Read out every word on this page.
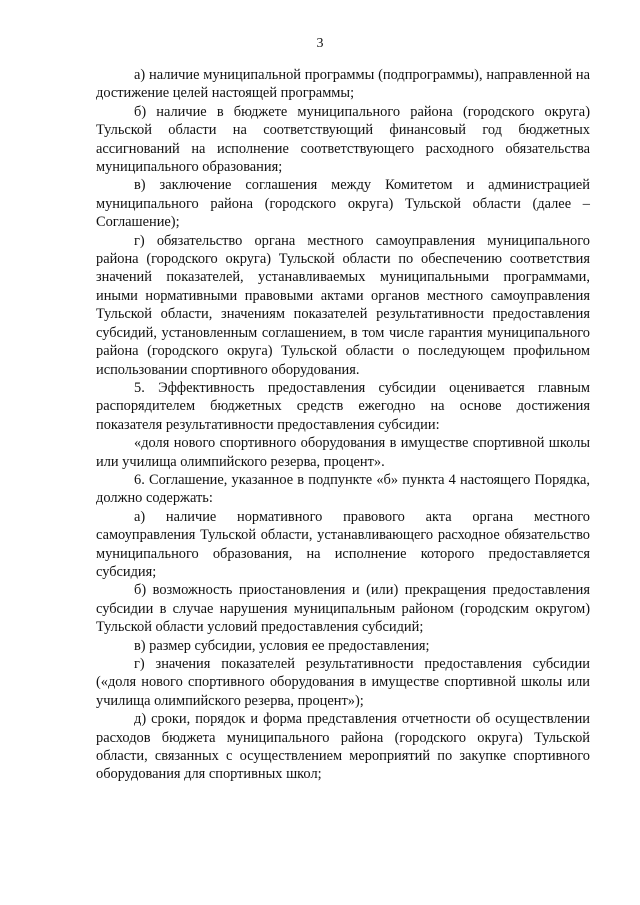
3

а) наличие муниципальной программы (подпрограммы), направленной на достижение целей настоящей программы;

б) наличие в бюджете муниципального района (городского округа) Тульской области на соответствующий финансовый год бюджетных ассигнований на исполнение соответствующего расходного обязательства муниципального образования;

в) заключение соглашения между Комитетом и администрацией муниципального района (городского округа) Тульской области (далее – Соглашение);

г) обязательство органа местного самоуправления муниципального района (городского округа) Тульской области по обеспечению соответствия значений показателей, устанавливаемых муниципальными программами, иными нормативными правовыми актами органов местного самоуправления Тульской области, значениям показателей результативности предоставления субсидий, установленным соглашением, в том числе гарантия муниципального района (городского округа) Тульской области о последующем профильном использовании спортивного оборудования.

5. Эффективность предоставления субсидии оценивается главным распорядителем бюджетных средств ежегодно на основе достижения показателя результативности предоставления субсидии:

«доля нового спортивного оборудования в имуществе спортивной школы или училища олимпийского резерва, процент».

6. Соглашение, указанное в подпункте «б» пункта 4 настоящего Порядка, должно содержать:

а) наличие нормативного правового акта органа местного самоуправления Тульской области, устанавливающего расходное обязательство муниципального образования, на исполнение которого предоставляется субсидия;

б) возможность приостановления и (или) прекращения предоставления субсидии в случае нарушения муниципальным районом (городским округом) Тульской области условий предоставления субсидий;

в) размер субсидии, условия ее предоставления;

г) значения показателей результативности предоставления субсидии («доля нового спортивного оборудования в имуществе спортивной школы или училища олимпийского резерва, процент»);

д) сроки, порядок и форма представления отчетности об осуществлении расходов бюджета муниципального района (городского округа) Тульской области, связанных с осуществлением мероприятий по закупке спортивного оборудования для спортивных школ;
